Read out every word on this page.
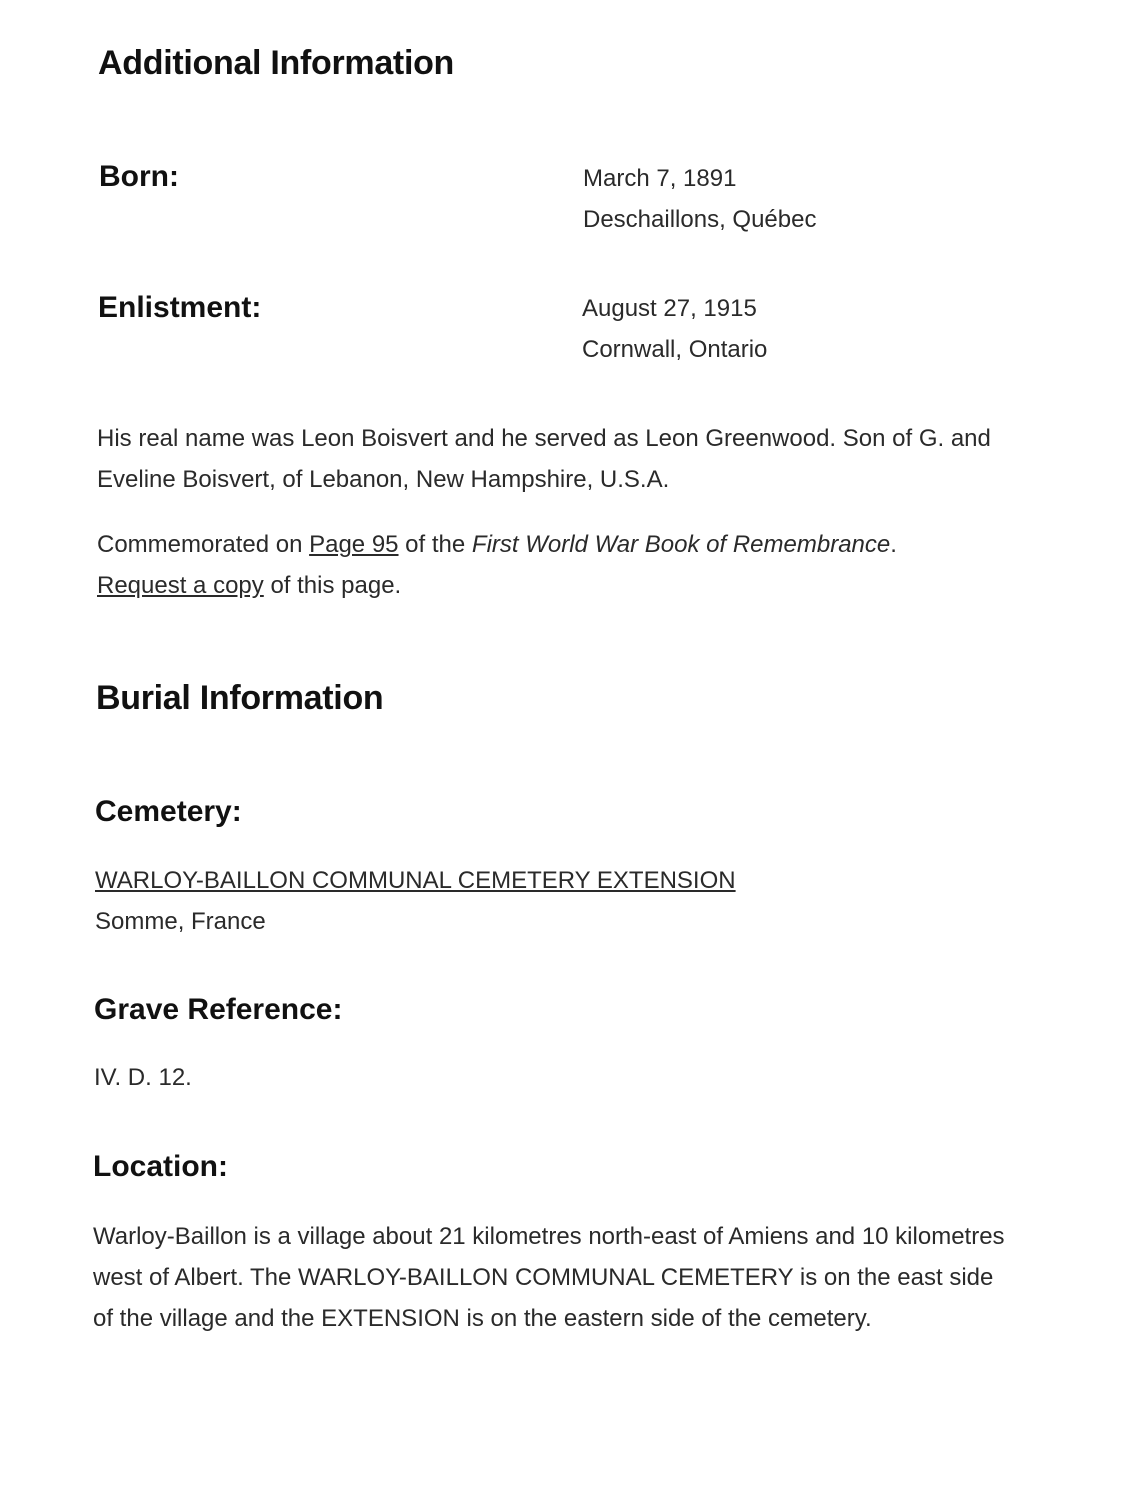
Additional Information
Born:	March 7, 1891
Deschaillons, Québec
Enlistment:	August 27, 1915
Cornwall, Ontario

His real name was Leon Boisvert and he served as Leon Greenwood. Son of G. and Eveline Boisvert, of Lebanon, New Hampshire, U.S.A.

Commemorated on Page 95 of the First World War Book of Remembrance. Request a copy of this page.

Burial Information
Cemetery:
WARLOY-BAILLON COMMUNAL CEMETERY EXTENSION
Somme, France
Grave Reference:
IV. D. 12.
Location:

Warloy-Baillon is a village about 21 kilometres north-east of Amiens and 10 kilometres west of Albert. The WARLOY-BAILLON COMMUNAL CEMETERY is on the east side of the village and the EXTENSION is on the eastern side of the cemetery.
